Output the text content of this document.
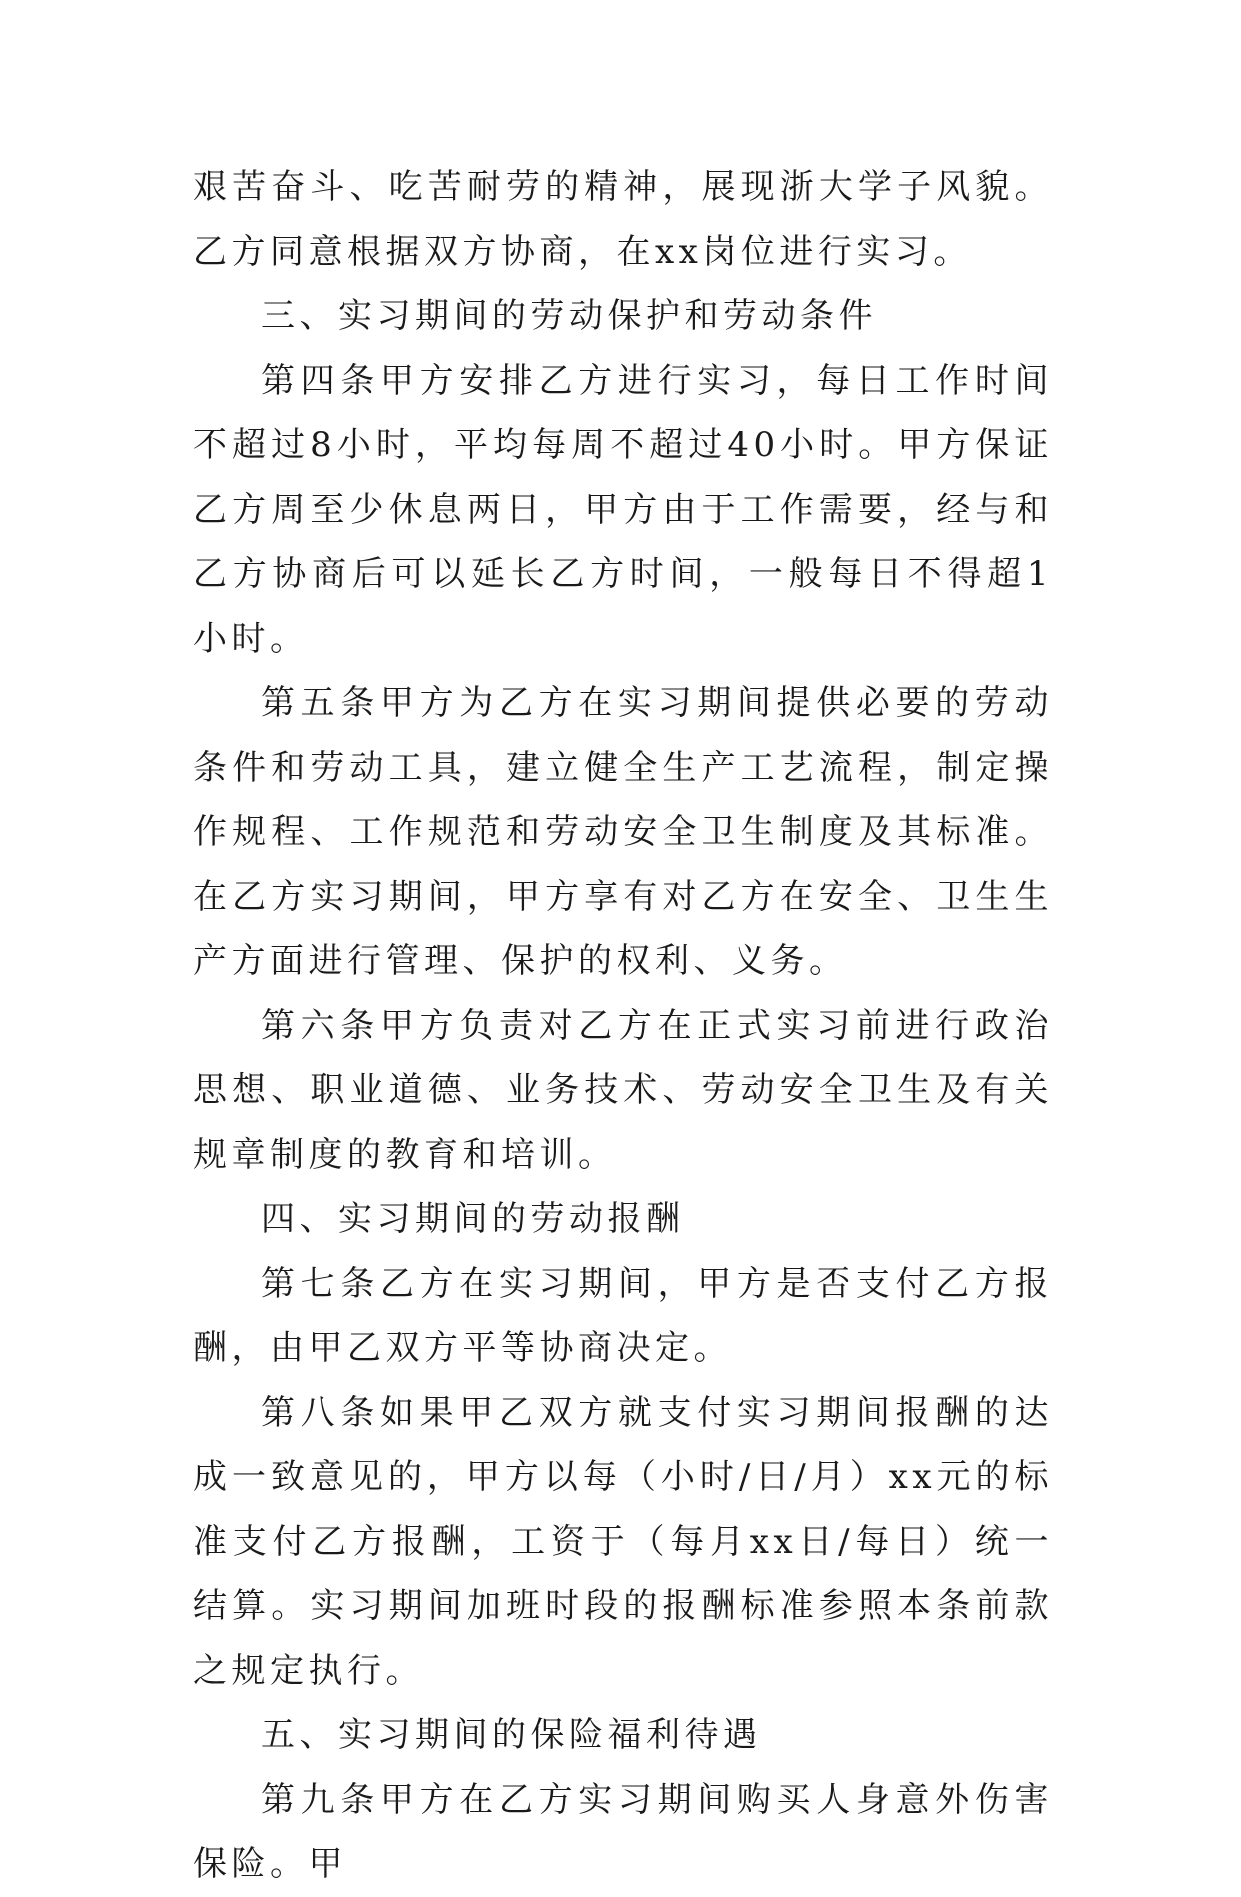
艰苦奋斗、吃苦耐劳的精神，展现浙大学子风貌。乙方同意根据双方协商，在xx岗位进行实习。

三、实习期间的劳动保护和劳动条件

第四条甲方安排乙方进行实习，每日工作时间不超过8小时，平均每周不超过40小时。甲方保证乙方周至少休息两日，甲方由于工作需要，经与和乙方协商后可以延长乙方时间，一般每日不得超1小时。

第五条甲方为乙方在实习期间提供必要的劳动条件和劳动工具，建立健全生产工艺流程，制定操作规程、工作规范和劳动安全卫生制度及其标准。在乙方实习期间，甲方享有对乙方在安全、卫生生产方面进行管理、保护的权利、义务。

第六条甲方负责对乙方在正式实习前进行政治思想、职业道德、业务技术、劳动安全卫生及有关规章制度的教育和培训。

四、实习期间的劳动报酬

第七条乙方在实习期间，甲方是否支付乙方报酬，由甲乙双方平等协商决定。

第八条如果甲乙双方就支付实习期间报酬的达成一致意见的，甲方以每（小时/日/月）xx元的标准支付乙方报酬，工资于（每月xx日/每日）统一结算。实习期间加班时段的报酬标准参照本条前款之规定执行。

五、实习期间的保险福利待遇

第九条甲方在乙方实习期间购买人身意外伤害保险。甲
